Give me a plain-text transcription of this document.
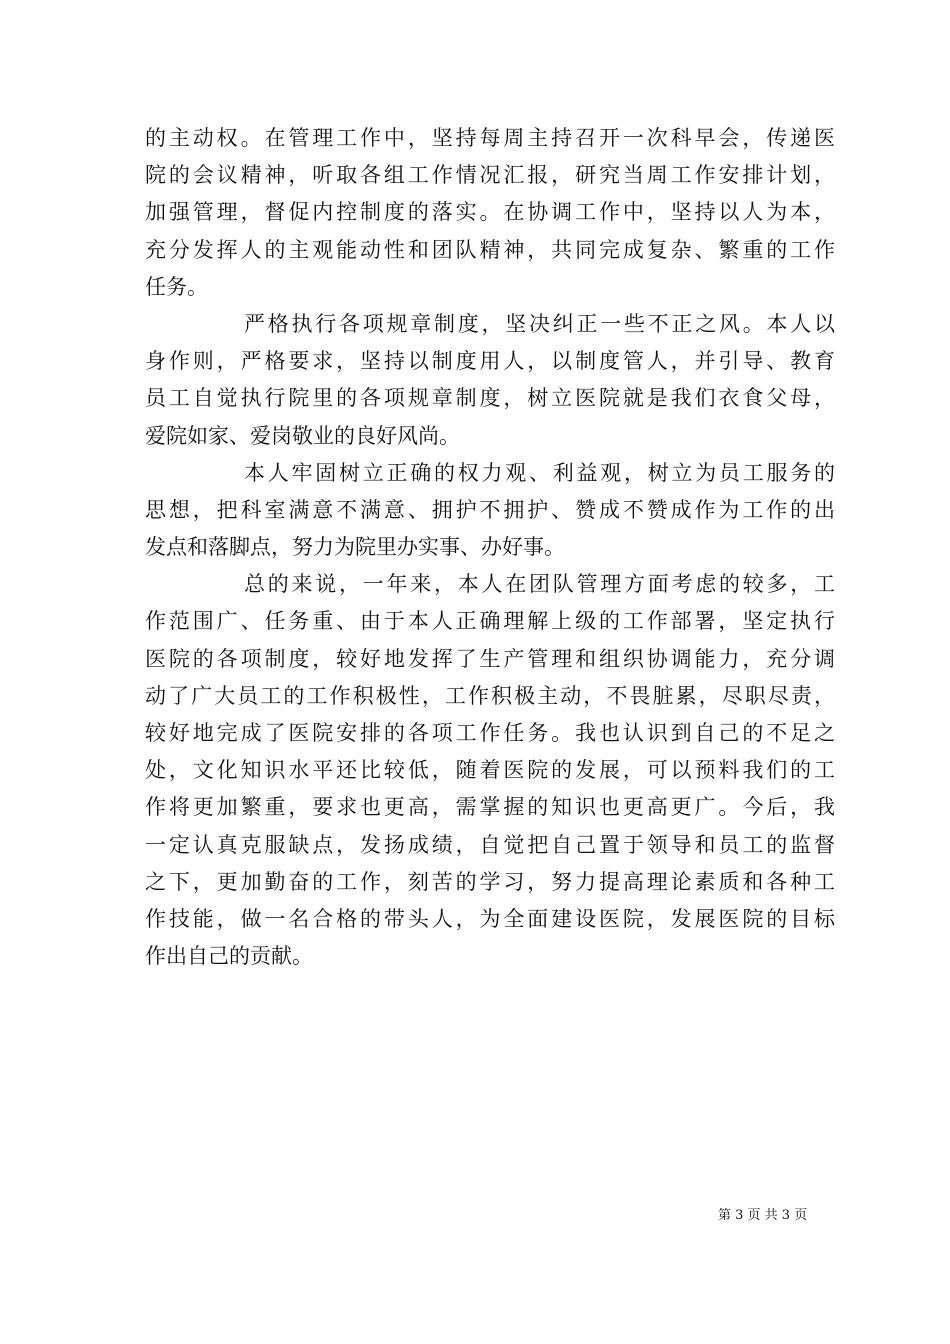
的主动权。在管理工作中，坚持每周主持召开一次科早会，传递医
院的会议精神，听取各组工作情况汇报，研究当周工作安排计划，
加强管理，督促内控制度的落实。在协调工作中，坚持以人为本，
充分发挥人的主观能动性和团队精神，共同完成复杂、繁重的工作
任务。
严格执行各项规章制度，坚决纠正一些不正之风。本人以
身作则，严格要求，坚持以制度用人，以制度管人，并引导、教育
员工自觉执行院里的各项规章制度，树立医院就是我们衣食父母，
爱院如家、爱岗敬业的良好风尚。
本人牢固树立正确的权力观、利益观，树立为员工服务的
思想，把科室满意不满意、拥护不拥护、赞成不赞成作为工作的出
发点和落脚点，努力为院里办实事、办好事。
总的来说，一年来，本人在团队管理方面考虑的较多，工
作范围广、任务重、由于本人正确理解上级的工作部署，坚定执行
医院的各项制度，较好地发挥了生产管理和组织协调能力，充分调
动了广大员工的工作积极性，工作积极主动，不畏脏累，尽职尽责，
较好地完成了医院安排的各项工作任务。我也认识到自己的不足之
处，文化知识水平还比较低，随着医院的发展，可以预料我们的工
作将更加繁重，要求也更高，需掌握的知识也更高更广。今后，我
一定认真克服缺点，发扬成绩，自觉把自己置于领导和员工的监督
之下，更加勤奋的工作，刻苦的学习，努力提高理论素质和各种工
作技能，做一名合格的带头人，为全面建设医院，发展医院的目标
作出自己的贡献。
第 3 页 共 3 页
